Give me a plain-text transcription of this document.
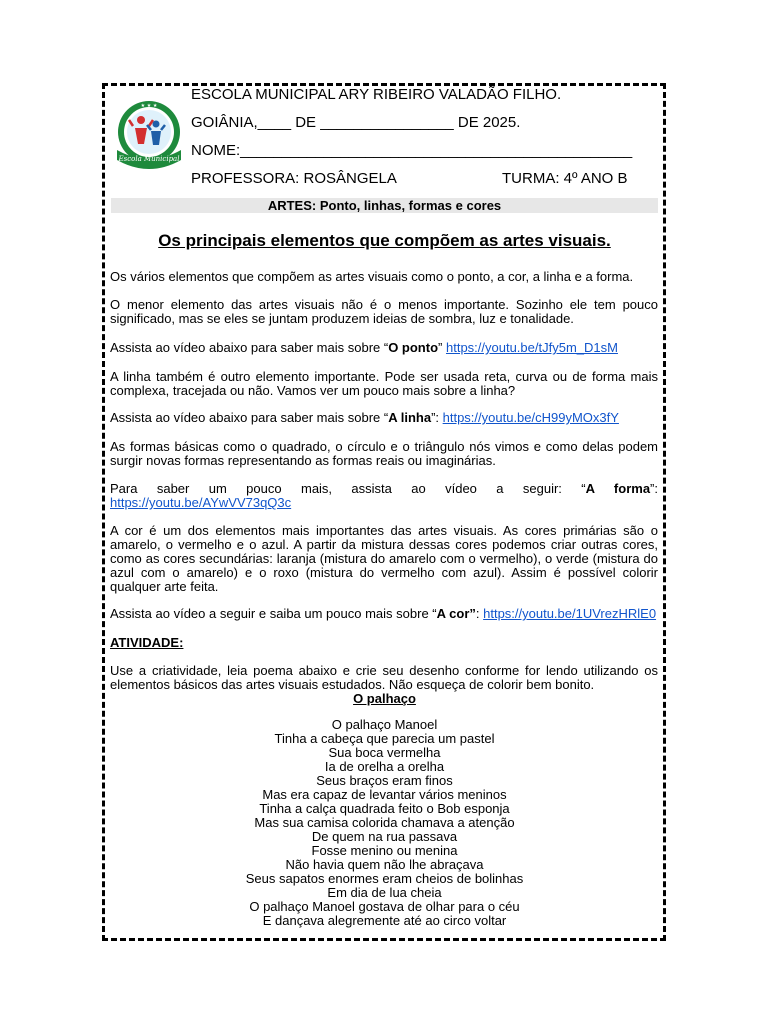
★ ★ ★
Escola Municipal
ESCOLA MUNICIPAL ARY RIBEIRO VALADÃO FILHO.
GOIÂNIA,____ DE ________________ DE 2025.
NOME:_______________________________________________
PROFESSORA: ROSÂNGELA	TURMA: 4º ANO B
ARTES: Ponto, linhas, formas e cores
Os principais elementos que compõem as artes visuais.
Os vários elementos que compõem as artes visuais como o ponto, a cor, a linha e a forma.
O menor elemento das artes visuais não é o menos importante. Sozinho ele tem pouco significado, mas se eles se juntam produzem ideias de sombra, luz e tonalidade.
Assista ao vídeo abaixo para saber mais sobre “O ponto” https://youtu.be/tJfy5m_D1sM
A linha também é outro elemento importante. Pode ser usada reta, curva ou de forma mais complexa, tracejada ou não. Vamos ver um pouco mais sobre a linha?
Assista ao vídeo abaixo para saber mais sobre “A linha”: https://youtu.be/cH99yMOx3fY
As formas básicas como o quadrado, o círculo e o triângulo nós vimos e como delas podem surgir novas formas representando as formas reais ou imaginárias.
Para saber um pouco mais, assista ao vídeo a seguir: “A forma”:
https://youtu.be/AYwVV73qQ3c
A cor é um dos elementos mais importantes das artes visuais. As cores primárias são o amarelo, o vermelho e o azul. A partir da mistura dessas cores podemos criar outras cores, como as cores secundárias: laranja (mistura do amarelo com o vermelho), o verde (mistura do azul com o amarelo) e o roxo (mistura do vermelho com azul). Assim é possível colorir qualquer arte feita.
Assista ao vídeo a seguir e saiba um pouco mais sobre “A cor”: https://youtu.be/1UVrezHRlE0
ATIVIDADE:
Use a criatividade, leia poema abaixo e crie seu desenho conforme for lendo utilizando os elementos básicos das artes visuais estudados. Não esqueça de colorir bem bonito.
O palhaço
O palhaço Manoel
Tinha a cabeça que parecia um pastel
Sua boca vermelha
Ia de orelha a orelha
Seus braços eram finos
Mas era capaz de levantar vários meninos
Tinha a calça quadrada feito o Bob esponja
Mas sua camisa colorida chamava a atenção
De quem na rua passava
Fosse menino ou menina
Não havia quem não lhe abraçava
Seus sapatos enormes eram cheios de bolinhas
Em dia de lua cheia
O palhaço Manoel gostava de olhar para o céu
E dançava alegremente até ao circo voltar
